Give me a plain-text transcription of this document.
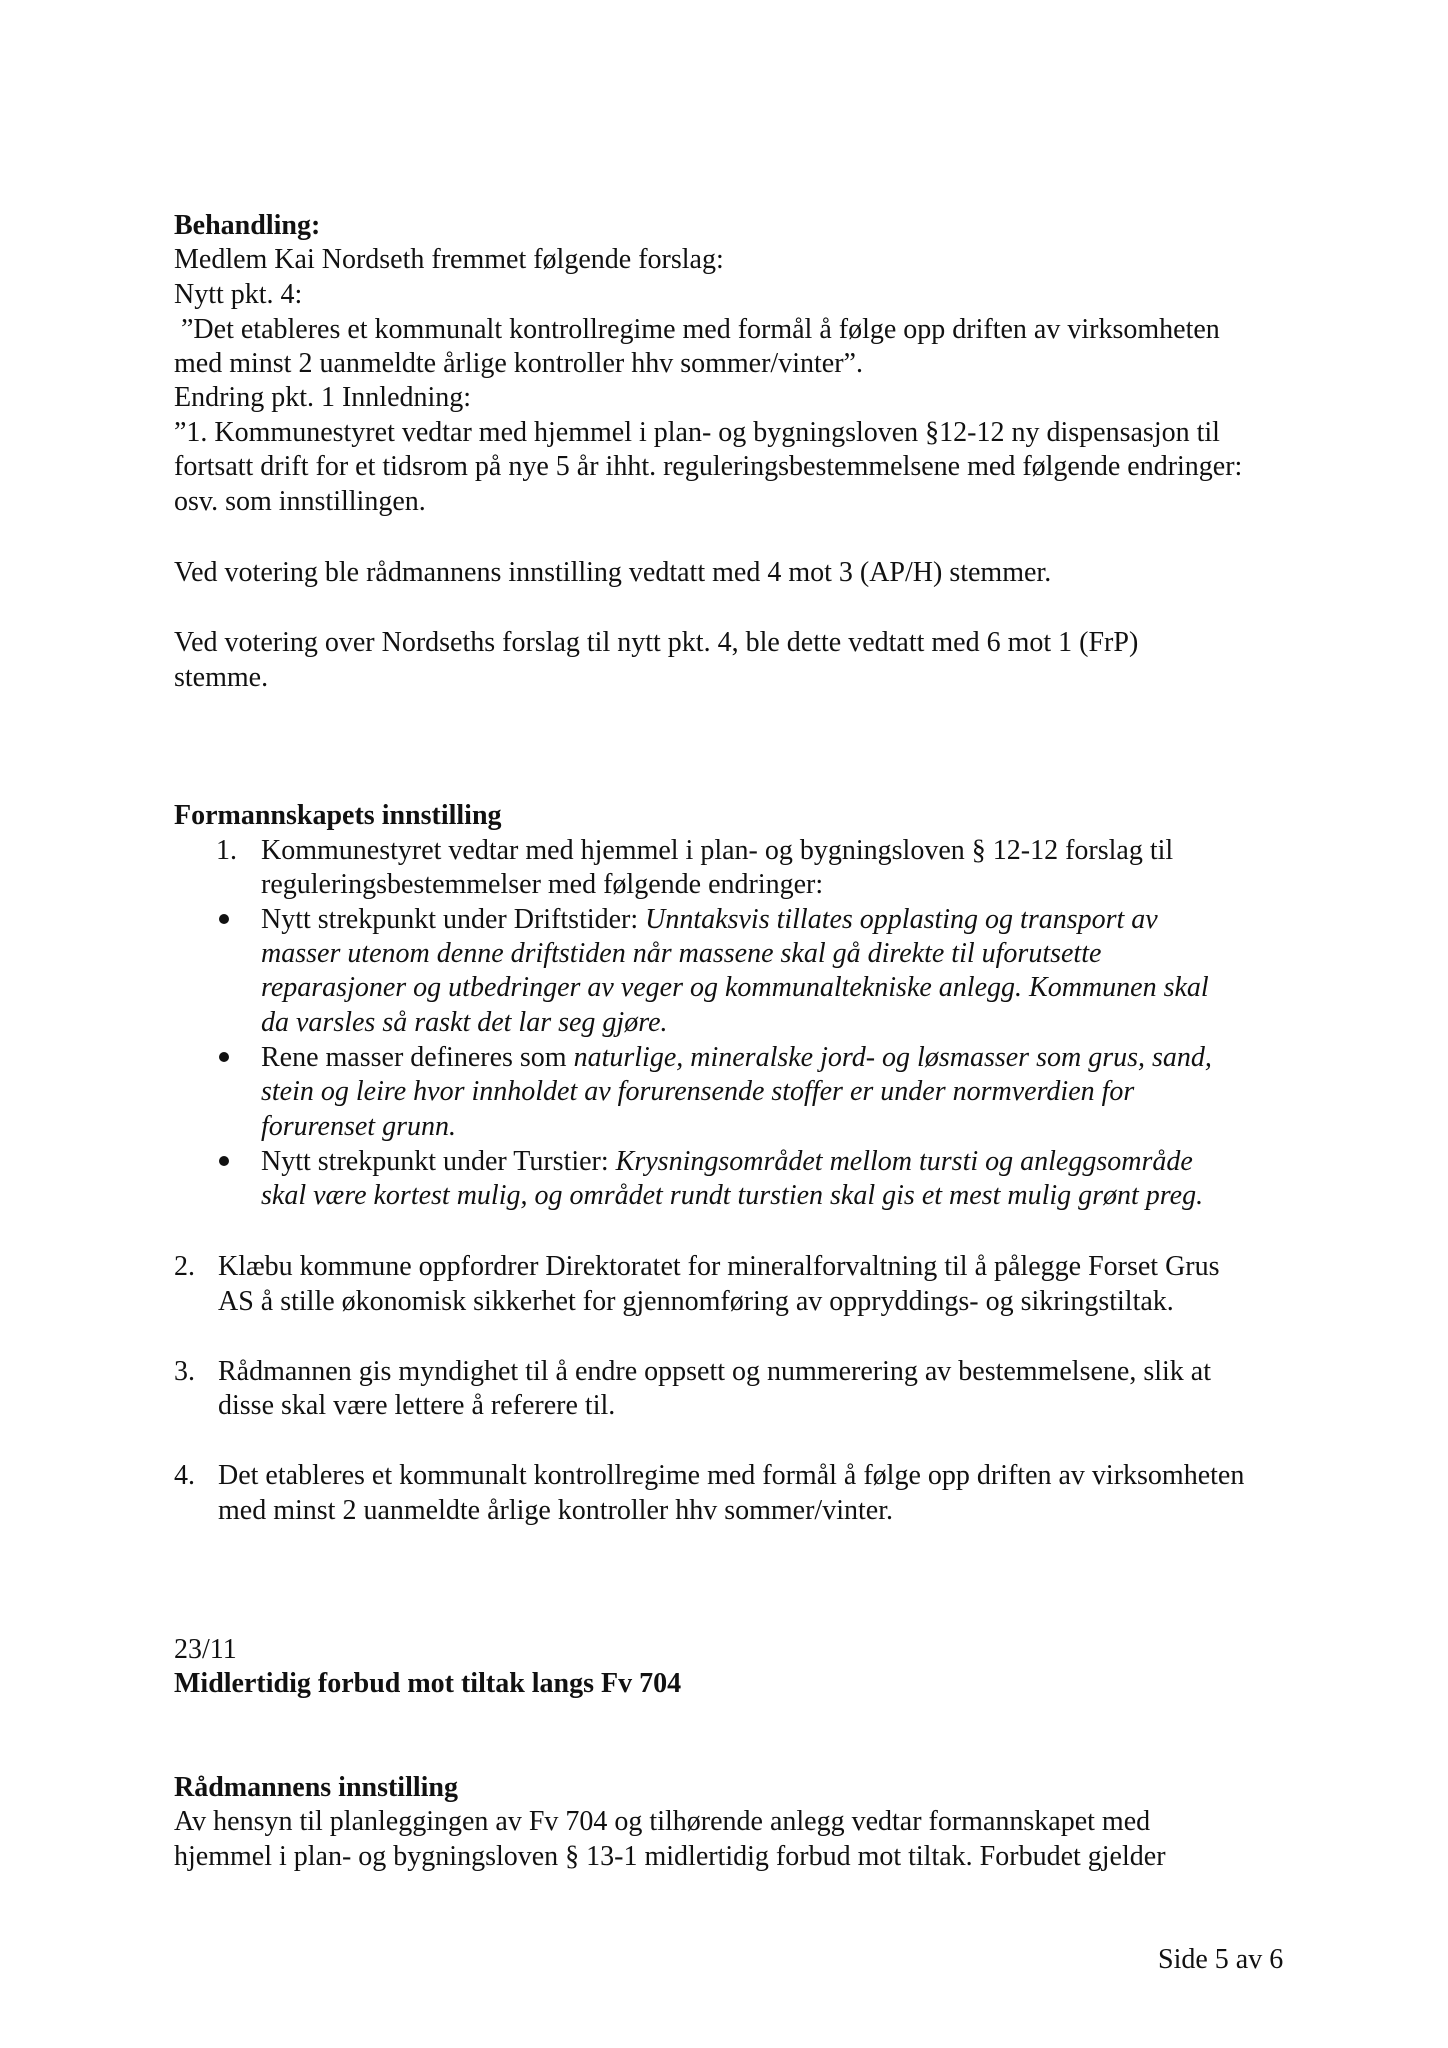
Behandling:
Medlem Kai Nordseth fremmet følgende forslag:
Nytt pkt. 4:
”Det etableres et kommunalt kontrollregime med formål å følge opp driften av virksomheten
med minst 2 uanmeldte årlige kontroller hhv sommer/vinter”.
Endring pkt. 1 Innledning:
”1. Kommunestyret vedtar med hjemmel i plan- og bygningsloven §12-12 ny dispensasjon til
fortsatt drift for et tidsrom på nye 5 år ihht. reguleringsbestemmelsene med følgende endringer:
osv. som innstillingen.
Ved votering ble rådmannens innstilling vedtatt med 4 mot 3 (AP/H) stemmer.
Ved votering over Nordseths forslag til nytt pkt. 4, ble dette vedtatt med 6 mot 1 (FrP)
stemme.
Formannskapets innstilling
1. Kommunestyret vedtar med hjemmel i plan- og bygningsloven § 12-12 forslag til
reguleringsbestemmelser med følgende endringer:
Nytt strekpunkt under Driftstider: Unntaksvis tillates opplasting og transport av
masser utenom denne driftstiden når massene skal gå direkte til uforutsette
reparasjoner og utbedringer av veger og kommunaltekniske anlegg. Kommunen skal
da varsles så raskt det lar seg gjøre.
Rene masser defineres som naturlige, mineralske jord- og løsmasser som grus, sand,
stein og leire hvor innholdet av forurensende stoffer er under normverdien for
forurenset grunn.
Nytt strekpunkt under Turstier: Krysningsområdet mellom tursti og anleggsområde
skal være kortest mulig, og området rundt turstien skal gis et mest mulig grønt preg.
2. Klæbu kommune oppfordrer Direktoratet for mineralforvaltning til å pålegge Forset Grus
AS å stille økonomisk sikkerhet for gjennomføring av oppryddings- og sikringstiltak.
3. Rådmannen gis myndighet til å endre oppsett og nummerering av bestemmelsene, slik at
disse skal være lettere å referere til.
4. Det etableres et kommunalt kontrollregime med formål å følge opp driften av virksomheten
med minst 2 uanmeldte årlige kontroller hhv sommer/vinter.
23/11
Midlertidig forbud mot tiltak langs Fv 704
Rådmannens innstilling
Av hensyn til planleggingen av Fv 704 og tilhørende anlegg vedtar formannskapet med
hjemmel i plan- og bygningsloven § 13-1 midlertidig forbud mot tiltak. Forbudet gjelder
Side 5 av 6
